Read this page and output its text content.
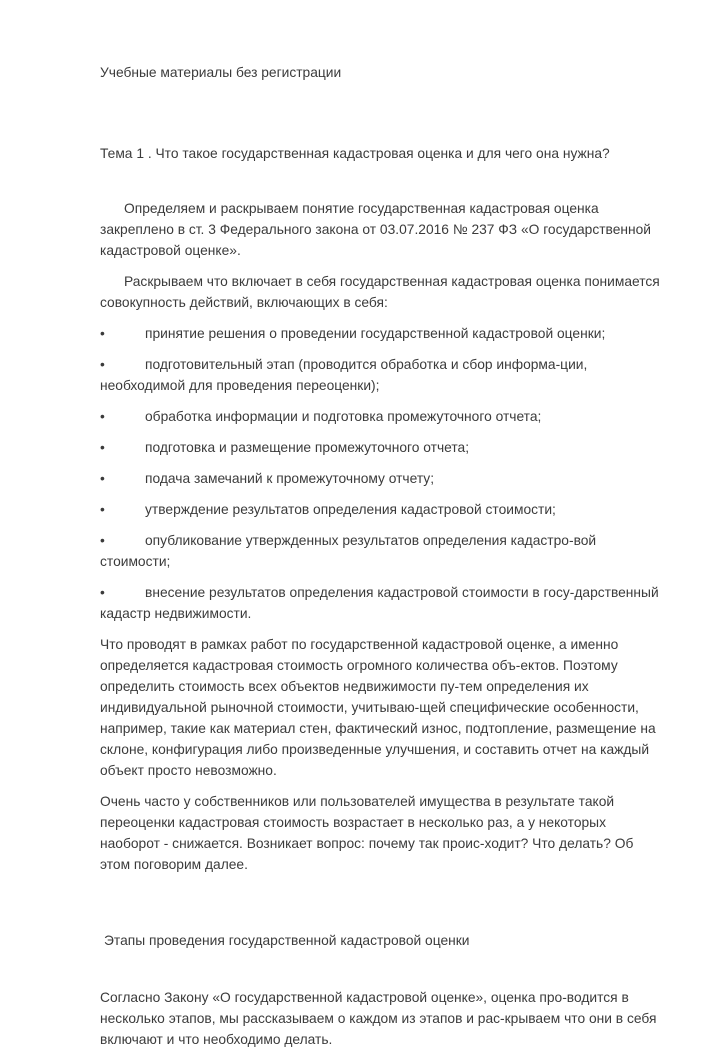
Учебные материалы без регистрации

Тема 1 . Что такое государственная кадастровая оценка и для чего она нужна?

Определяем и раскрываем понятие государственная кадастровая оценка закреплено в ст. 3 Федерального закона от 03.07.2016 № 237 ФЗ «О государственной кадастровой оценке».

Раскрываем что включает в себя государственная кадастровая оценка понимается совокупность действий, включающих в себя:

•	принятие решения о проведении государственной кадастровой оценки;

•	подготовительный этап (проводится обработка и сбор информа-ции, необходимой для проведения переоценки);

•	обработка информации и подготовка промежуточного отчета;

•	подготовка и размещение промежуточного отчета;

•	подача замечаний к промежуточному отчету;

•	утверждение результатов определения кадастровой стоимости;

•	опубликование утвержденных результатов определения кадастро-вой стоимости;

•	внесение результатов определения кадастровой стоимости в госу-дарственный кадастр недвижимости.

Что проводят в рамках работ по государственной кадастровой оценке, а именно определяется кадастровая стоимость огромного количества объ-ектов. Поэтому определить стоимость всех объектов недвижимости пу-тем определения их индивидуальной рыночной стоимости, учитываю-щей специфические особенности, например, такие как материал стен, фактический износ, подтопление, размещение на склоне, конфигурация либо произведенные улучшения, и составить отчет на каждый объект просто невозможно.

Очень часто у собственников или пользователей имущества в результате такой переоценки кадастровая стоимость возрастает в несколько раз, а у некоторых наоборот - снижается. Возникает вопрос: почему так проис-ходит? Что делать? Об этом поговорим далее.

Этапы проведения государственной кадастровой оценки

Согласно Закону «О государственной кадастровой оценке», оценка про-водится в несколько этапов, мы рассказываем о каждом из этапов и рас-крываем что они в себя включают и что необходимо делать.
